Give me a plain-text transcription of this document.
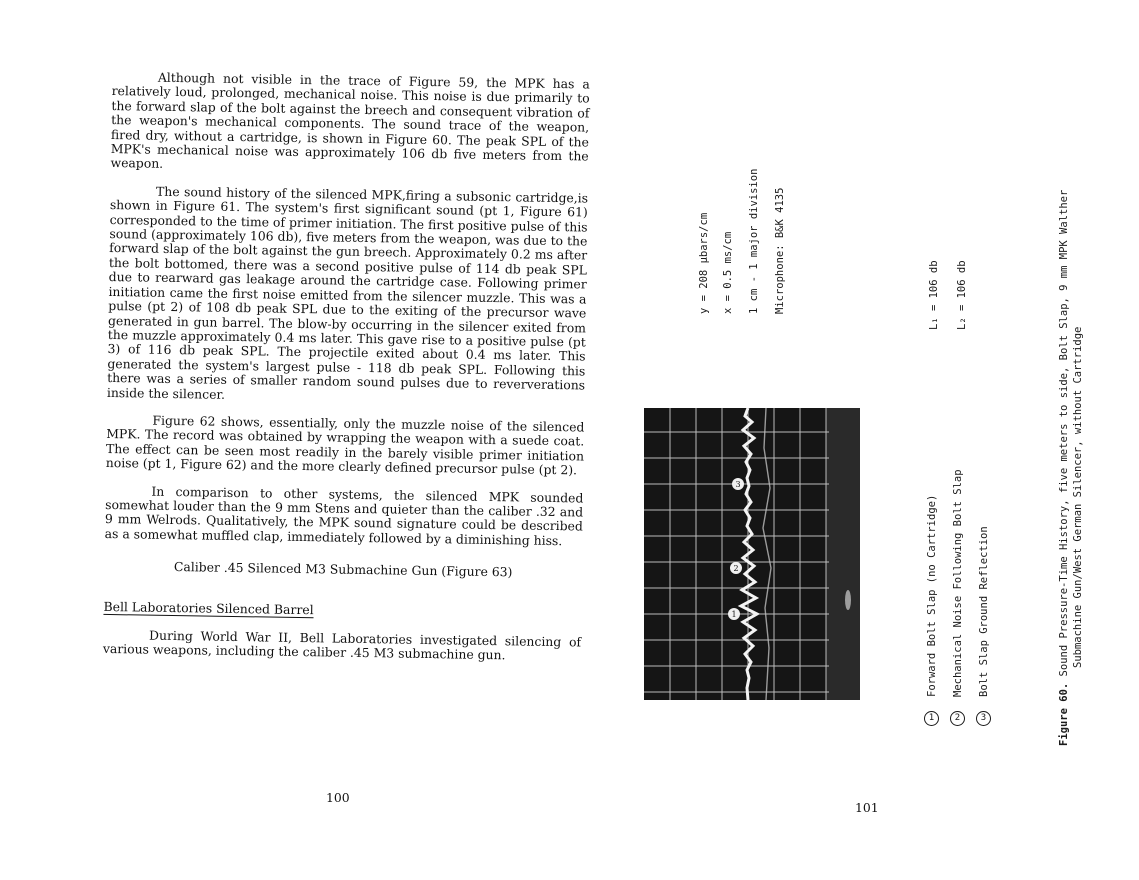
Although not visible in the trace of Figure 59, the MPK has a relatively loud, prolonged, mechanical noise. This noise is due primarily to the forward slap of the bolt against the breech and consequent vibration of the weapon's mechanical components. The sound trace of the weapon, fired dry, without a cartridge, is shown in Figure 60. The peak SPL of the MPK's mechanical noise was approximately 106 db five meters from the weapon.

The sound history of the silenced MPK,firing a subsonic cartridge,is shown in Figure 61. The system's first significant sound (pt 1, Figure 61) corresponded to the time of primer initiation. The first positive pulse of this sound (approximately 106 db), five meters from the weapon, was due to the forward slap of the bolt against the gun breech. Approximately 0.2 ms after the bolt bottomed, there was a second positive pulse of 114 db peak SPL due to rearward gas leakage around the cartridge case. Following primer initiation came the first noise emitted from the silencer muzzle. This was a pulse (pt 2) of 108 db peak SPL due to the exiting of the precursor wave generated in gun barrel. The blow-by occurring in the silencer exited from the muzzle approximately 0.4 ms later. This gave rise to a positive pulse (pt 3) of 116 db peak SPL. The projectile exited about 0.4 ms later. This generated the system's largest pulse - 118 db peak SPL. Following this there was a series of smaller random sound pulses due to reververations inside the silencer.

Figure 62 shows, essentially, only the muzzle noise of the silenced MPK. The record was obtained by wrapping the weapon with a suede coat. The effect can be seen most readily in the barely visible primer initiation noise (pt 1, Figure 62) and the more clearly defined precursor pulse (pt 2).

In comparison to other systems, the silenced MPK sounded somewhat louder than the 9 mm Stens and quieter than the caliber .32 and 9 mm Welrods. Qualitatively, the MPK sound signature could be described as a somewhat muffled clap, immediately followed by a diminishing hiss.

Caliber .45 Silenced M3 Submachine Gun (Figure 63)

Bell Laboratories Silenced Barrel

During World War II, Bell Laboratories investigated silencing of various weapons, including the caliber .45 M3 submachine gun.

100
3
2
1
y = 208 µbars/cm x = 0.5 ms/cm 1 cm - 1 major division Microphone: B&K 4135	L₁ = 106 db L₂ = 106 db
1
Forward Bolt Slap (no Cartridge)
2
Mechanical Noise Following Bolt Slap
3
Bolt Slap Ground Reflection
Figure 60. Sound Pressure-Time History, five meters to side, Bolt Slap, 9 mm MPK Walther Submachine Gun/West German Silencer, without Cartridge
101
